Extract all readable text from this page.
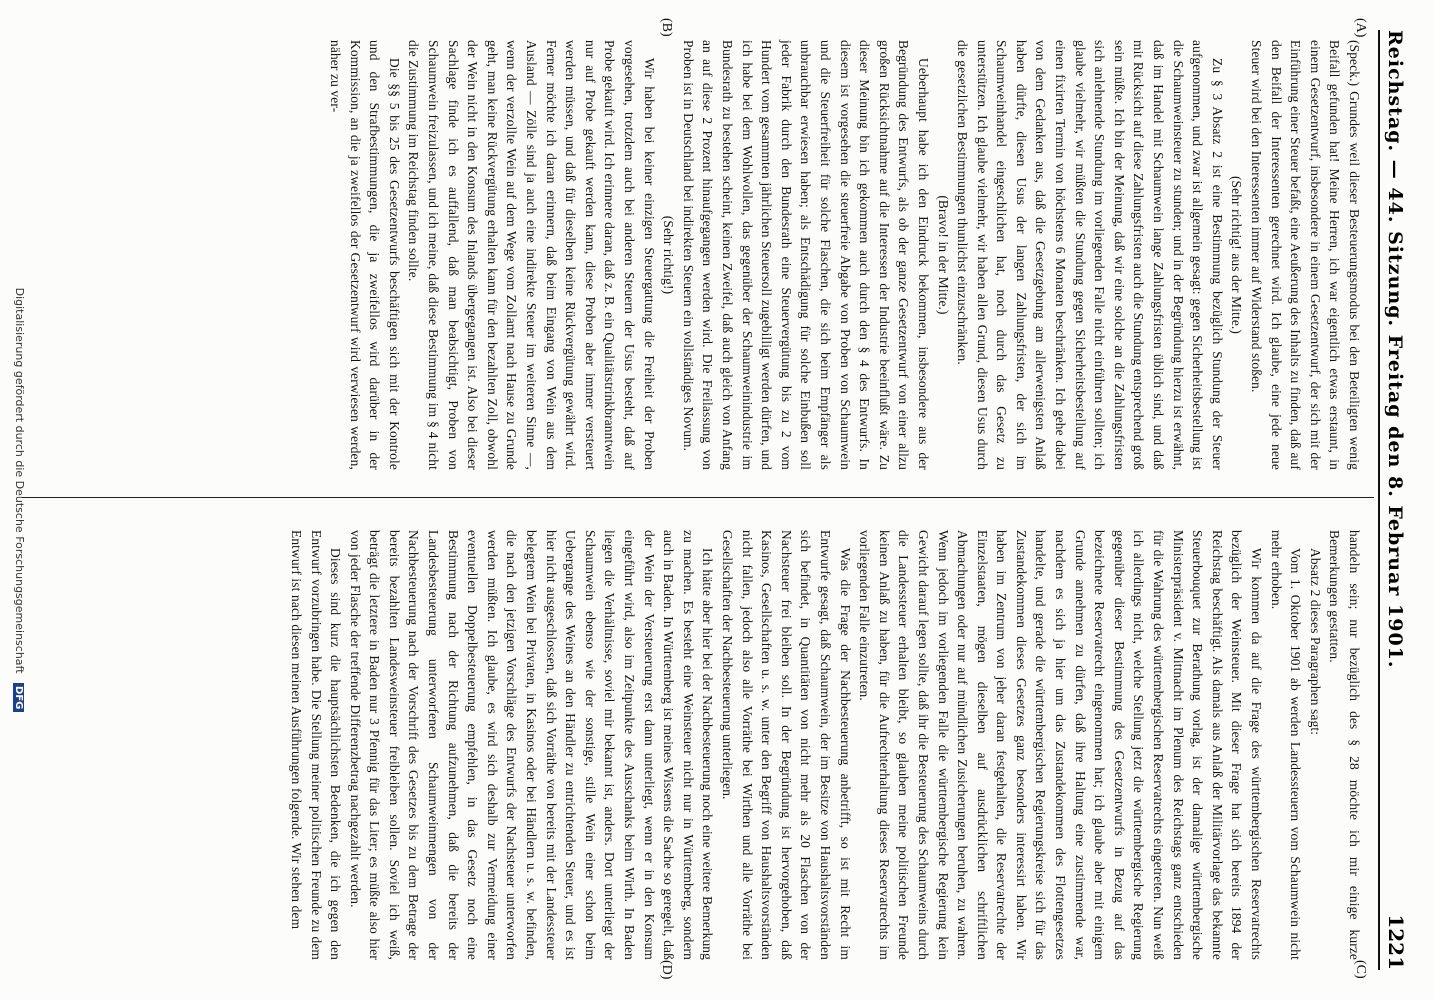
Reichstag. — 44. Sitzung. Freitag den 8. Februar 1901.
1221
(A)
(B)
(C)
(D)

(Speck.) Grundes weil dieser Besteuerungsmodus bei den Beteiligten wenig Beifall gefunden hat! Meine Herren, ich war eigentlich etwas erstaunt, in einem Gesetzentwurf, insbesondere in einem Gesetzentwurf, der sich mit der Einführung einer Steuer befaßt, eine Aeußerung des Inhalts zu finden, daß auf den Beifall der Interessenten gerechnet wird. Ich glaube, eine jede neue Steuer wird bei den Interessenten immer auf Widerstand stoßen.

(Sehr richtig! aus der Mitte.)

Zu § 3 Absatz 2 ist eine Bestimmung bezüglich Stundung der Steuer aufgenommen, und zwar ist allgemein gesagt: gegen Sicherheitsbestellung ist die Schaumweinsteuer zu stunden; und in der Begründung hierzu ist erwähnt, daß im Handel mit Schaumwein lange Zahlungsfristen üblich sind, und daß mit Rücksicht auf diese Zahlungsfristen auch die Stundung entsprechend groß sein müßte. Ich bin der Meinung, daß wir eine solche an die Zahlungsfristen sich anlehnende Stundung im vorliegenden Falle nicht einführen sollten; ich glaube vielmehr, wir müßten die Stundung gegen Sicherheitsbestellung auf einen fixirten Termin von höchstens 6 Monaten beschränken. Ich gehe dabei von dem Gedanken aus, daß die Gesetzgebung am allerwenigsten Anlaß haben dürfte, diesen Usus der langen Zahlungsfristen, der sich im Schaumweinhandel eingeschlichen hat, noch durch das Gesetz zu unterstützen. Ich glaube vielmehr, wir haben allen Grund, diesen Usus durch die gesetzlichen Bestimmungen thunlichst einzuschränken.

(Bravo! in der Mitte.)

Ueberhaupt habe ich den Eindruck bekommen, insbesondere aus der Begründung des Entwurfs, als ob der ganze Gesetzentwurf von einer allzu großen Rücksichtnahme auf die Interessen der Industrie beeinflußt wäre. Zu dieser Meinung bin ich gekommen auch durch den § 4 des Entwurfs. In diesem ist vorgesehen die steuerfreie Abgabe von Proben von Schaumwein und die Steuerfreiheit für solche Flaschen, die sich beim Empfänger als unbrauchbar erwiesen haben; als Entschädigung für solche Einbußen soll jeder Fabrik durch den Bundesrath eine Steuervergütung bis zu 2 vom Hundert vom gesammten jährlichen Steuersoll zugebilligt werden dürfen, und ich habe bei dem Wohlwollen, das gegenüber der Schaumweinindustrie im Bundesrath zu bestehen scheint, keinen Zweifel, daß auch gleich von Anfang an auf diese 2 Prozent hinaufgegangen werden wird. Die Freilassung von Proben ist in Deutschland bei indirekten Steuern ein vollständiges Novum.

(Sehr richtig!)

Wir haben bei keiner einzigen Steuergattung die Freiheit der Proben vorgesehen, trotzdem auch bei anderen Steuern der Usus besteht, daß auf Probe gekauft wird. Ich erinnere daran, daß z. B. ein Qualitätstrinkbranntwein nur auf Probe gekauft werden kann, diese Proben aber immer versteuert werden müssen, und daß für dieselben keine Rückvergütung gewährt wird. Ferner möchte ich daran erinnern, daß beim Eingang von Wein aus dem Ausland — Zölle sind ja auch eine indirekte Steuer im weiteren Sinne —, wenn der verzollte Wein auf dem Wege vom Zollamt nach Hause zu Grunde geht, man keine Rückvergütung erhalten kann für den bezahlten Zoll, obwohl der Wein nicht in den Konsum des Inlands übergegangen ist. Also bei dieser Sachlage finde ich es auffallend, daß man beabsichtigt, Proben von Schaumwein freizulassen, und ich meine, daß diese Bestimmung im § 4 nicht die Zustimmung im Reichstag finden sollte.

Die §§ 5 bis 25 des Gesetzentwurfs beschäftigen sich mit der Kontrole und den Strafbestimmungen, die ja zweifellos wird darüber in der Kommission, an die ja zweifellos der Gesetzentwurf wird verwiesen werden, näher zu ver-

handeln sein; nur bezüglich des § 28 möchte ich mir einige kurze Bemerkungen gestatten.

Absatz 2 dieses Paragraphen sagt:

Vom 1. Oktober 1901 ab werden Landessteuern vom Schaumwein nicht mehr erhoben.

Wir kommen da auf die Frage des württembergischen Reservatrechts bezüglich der Weinsteuer. Mit dieser Frage hat sich bereits 1894 der Reichstag beschäftigt. Als damals aus Anlaß der Militärvorlage das bekannte Steuerbouquet zur Berathung vorlag, ist der damalige württembergische Ministerpräsident v. Mittnacht im Plenum des Reichstags ganz entschieden für die Wahrung des württembergischen Reservatrechts eingetreten. Nun weiß ich allerdings nicht, welche Stellung jetzt die württembergische Regierung gegenüber dieser Bestimmung des Gesetzentwurfs in Bezug auf das bezeichnete Reservatrecht eingenommen hat; ich glaube aber mit einigem Grunde annehmen zu dürfen, daß ihre Haltung eine zustimmende war, nachdem es sich ja hier um das Zustandekommen des Flottengesetzes handelte, und gerade die württembergischen Regierungskreise sich für das Zustandekommen dieses Gesetzes ganz besonders interessirt haben. Wir haben im Zentrum von jeher daran festgehalten, die Reservatrechte der Einzelstaaten, mögen dieselben auf ausdrücklichen schriftlichen Abmachungen oder nur auf mündlichen Zusicherungen beruhen, zu wahren. Wenn jedoch im vorliegenden Falle die württembergische Regierung kein Gewicht darauf legen sollte, daß ihr die Besteuerung des Schaumweins durch die Landessteuer erhalten bleibt, so glauben meine politischen Freunde keinen Anlaß zu haben, für die Aufrechterhaltung dieses Reservatrechts im vorliegenden Falle einzutreten.

Was die Frage der Nachbesteuerung anbetrifft, so ist mit Recht im Entwurfe gesagt, daß Schaumwein, der im Besitze von Haushaltsvorständen sich befindet, in Quantitäten von nicht mehr als 20 Flaschen von der Nachsteuer frei bleiben soll. In der Begründung ist hervorgehoben, daß Kasinos, Gesellschaften u. s. w. unter den Begriff von Haushaltsvorständen nicht fallen, jedoch also alle Vorräthe bei Wirthen und alle Vorräthe bei Gesellschaften der Nachbesteuerung unterliegen.

Ich hätte aber hier bei der Nachbesteuerung noch eine weitere Bemerkung zu machen. Es besteht eine Weinsteuer nicht nur in Württemberg, sondern auch in Baden. In Württemberg ist meines Wissens die Sache so geregelt, daß der Wein der Versteuerung erst dann unterliegt, wenn er in den Konsum eingeführt wird, also im Zeitpunkte des Ausschanks beim Wirth. In Baden liegen die Verhältnisse, soviel mir bekannt ist, anders. Dort unterliegt der Schaumwein ebenso wie der sonstige, stille Wein einer schon beim Uebergange des Weines an den Händler zu entrichtenden Steuer, und es ist hier nicht ausgeschlossen, daß sich Vorräthe von bereits mit der Landessteuer belegtem Wein bei Privaten, in Kasinos oder bei Händlern u. s. w. befinden, die nach den jetzigen Vorschläge des Entwurfs der Nachsteuer unterworfen werden müßten. Ich glaube, es wird sich deshalb zur Vermeidung einer eventuellen Doppelbesteuerung empfehlen, in das Gesetz noch eine Bestimmung nach der Richtung aufzunehmen, daß die bereits der Landesbesteuerung unterworfenen Schaumweinmengen von der Nachbesteuerung nach der Vorschrift des Gesetzes bis zu dem Betrage der bereits bezahlten Landesweinsteuer freibleiben sollen. Soviel ich weiß, beträgt die letztere in Baden nur 3 Pfennig für das Liter; es müßte also hier von jeder Flasche der treffende Differenzbetrag nachgezahlt werden.

Dieses sind kurz die hauptsächlichsten Bedenken, die ich gegen den Entwurf vorzubringen habe. Die Stellung meiner politischen Freunde zu dem Entwurf ist nach diesen meinen Ausführungen folgende. Wir stehen dem

Digitalisierung gefördert durch die Deutsche Forschungsgemeinschaft DFG
